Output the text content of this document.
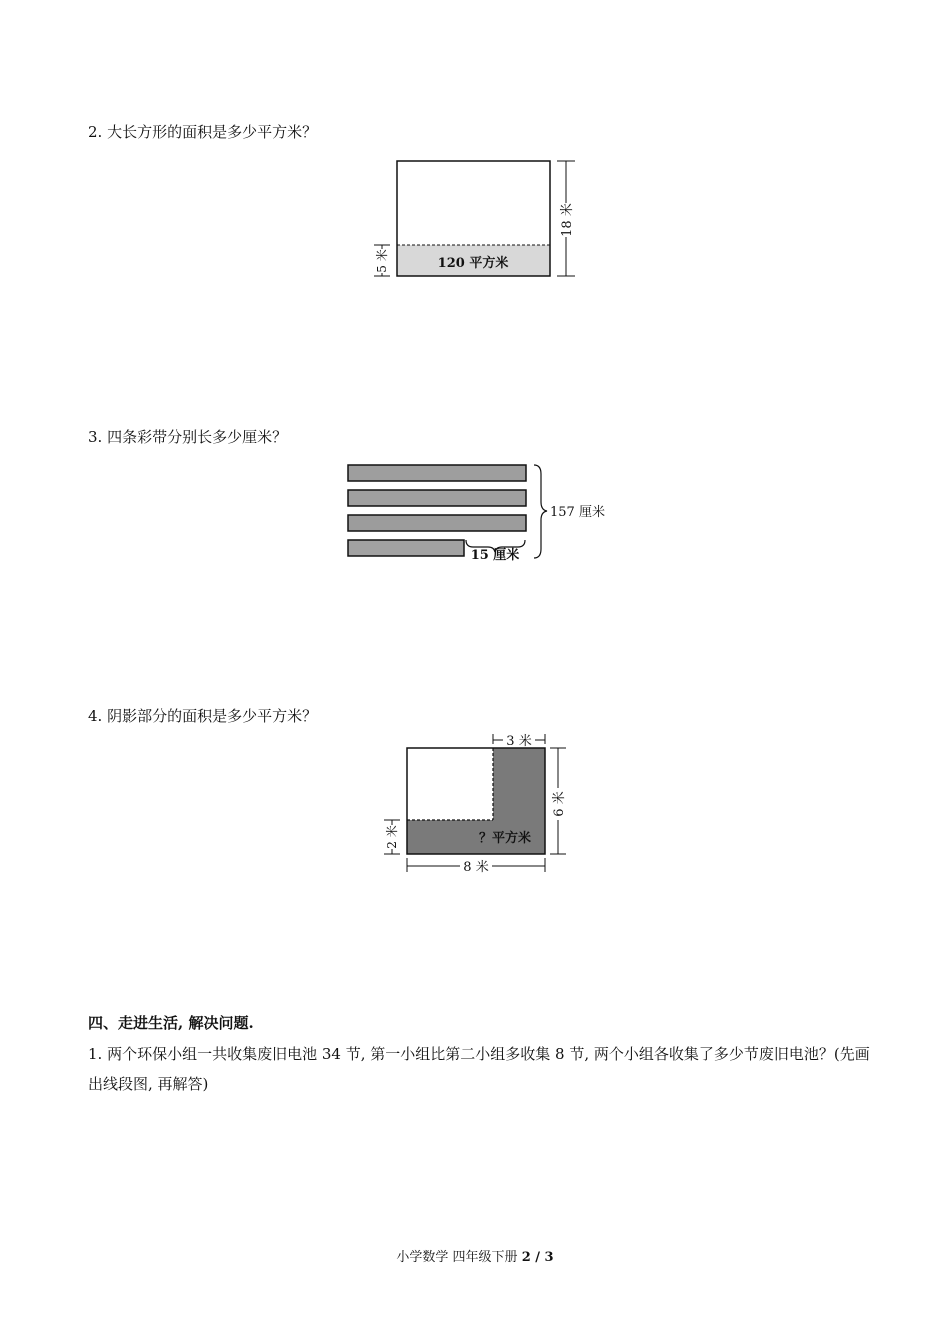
2. 大长方形的面积是多少平方米？

120 平方米
18 米
5 米

3. 四条彩带分别长多少厘米？

157 厘米
15 厘米

4. 阴影部分的面积是多少平方米？

？平方米
3 米
6 米
2 米
8 米

四、走进生活, 解决问题.

1. 两个环保小组一共收集废旧电池 34 节, 第一小组比第二小组多收集 8 节, 两个小组各收集了多少节废旧电池？(先画出线段图, 再解答)

小学数学 四年级下册 2 / 3
